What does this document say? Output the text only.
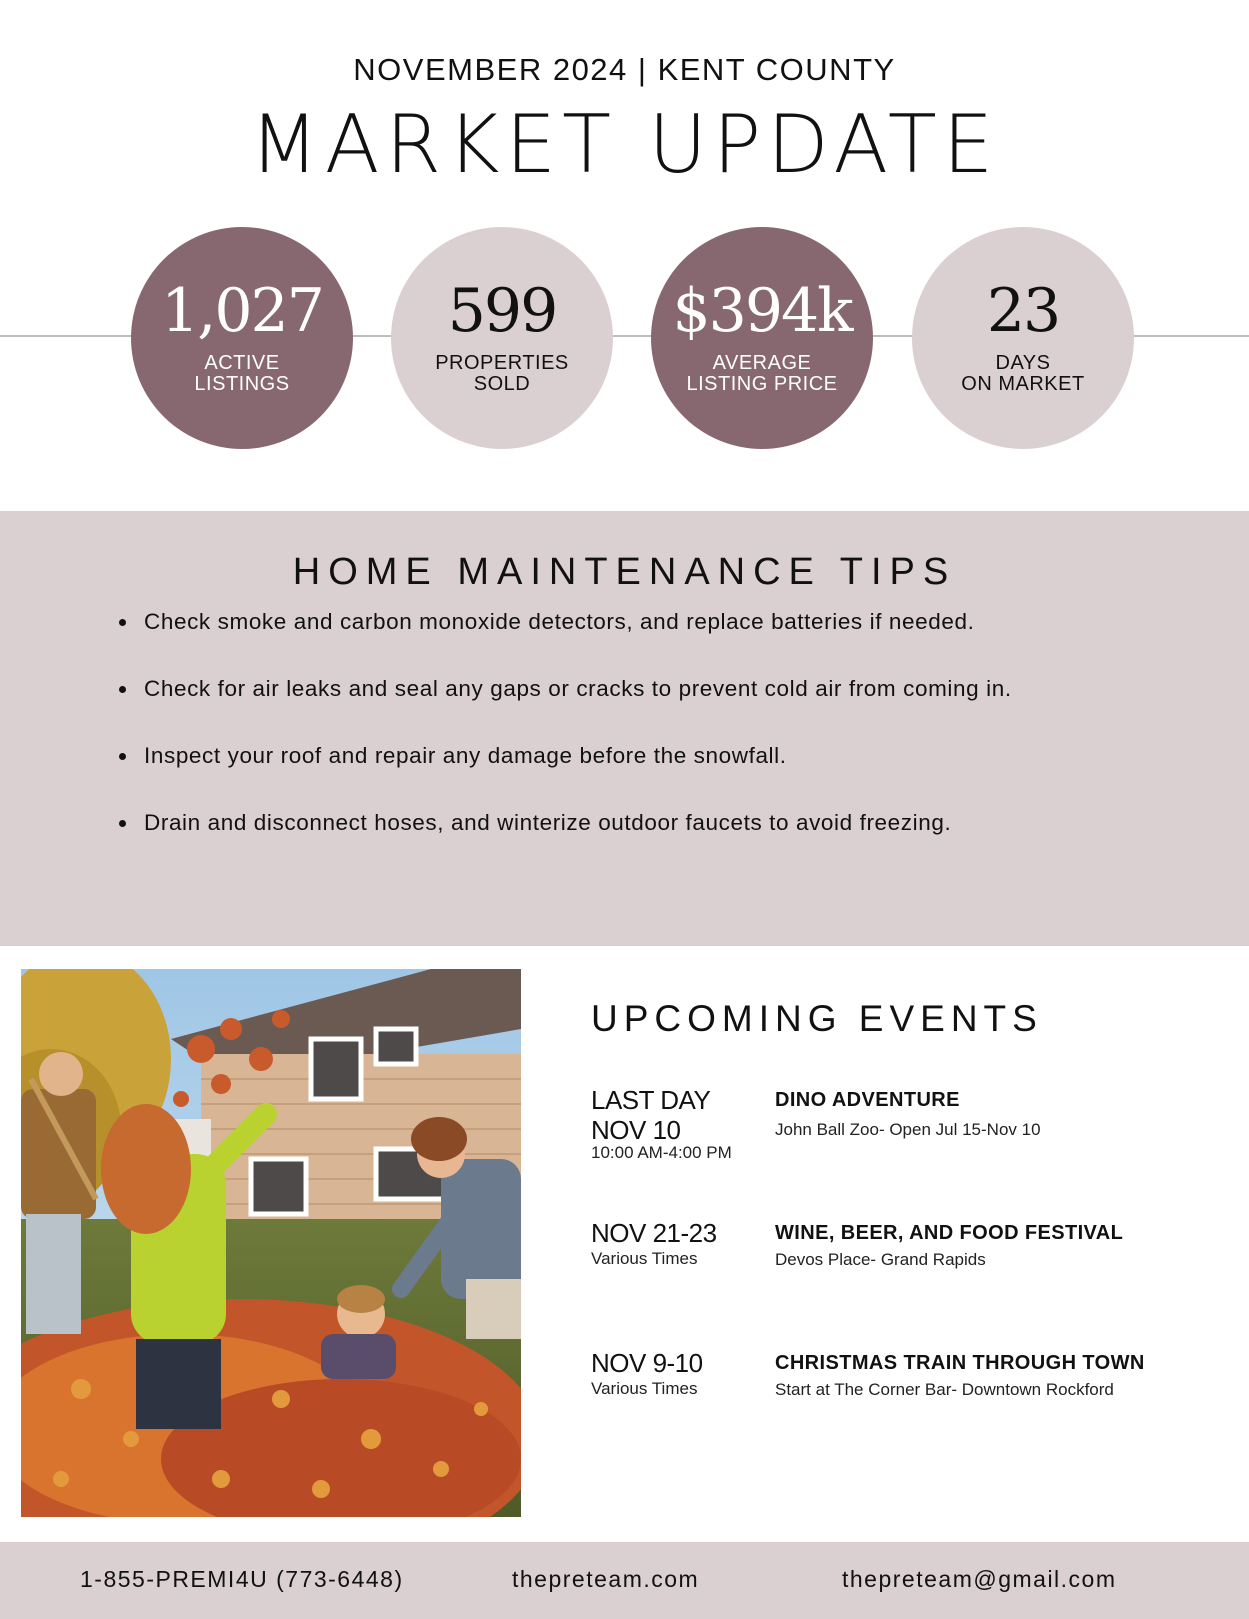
NOVEMBER 2024 | KENT COUNTY
MARKET UPDATE
1,027
ACTIVE
LISTINGS
599
PROPERTIES
SOLD
$394k
AVERAGE
LISTING PRICE
23
DAYS
ON MARKET
HOME MAINTENANCE TIPS
Check smoke and carbon monoxide detectors, and replace batteries if needed.
Check for air leaks and seal any gaps or cracks to prevent cold air from coming in.
Inspect your roof and repair any damage before the snowfall.
Drain and disconnect hoses, and winterize outdoor faucets to avoid freezing.
UPCOMING EVENTS
LAST DAY
NOV 10
10:00 AM-4:00 PM
DINO ADVENTURE
John Ball Zoo- Open Jul 15-Nov 10
NOV 21-23
Various Times
WINE, BEER, AND FOOD FESTIVAL
Devos Place- Grand Rapids
NOV 9-10
Various Times
CHRISTMAS TRAIN THROUGH TOWN
Start at The Corner Bar- Downtown Rockford
1-855-PREMI4U (773-6448)	thepreteam.com	thepreteam@gmail.com
